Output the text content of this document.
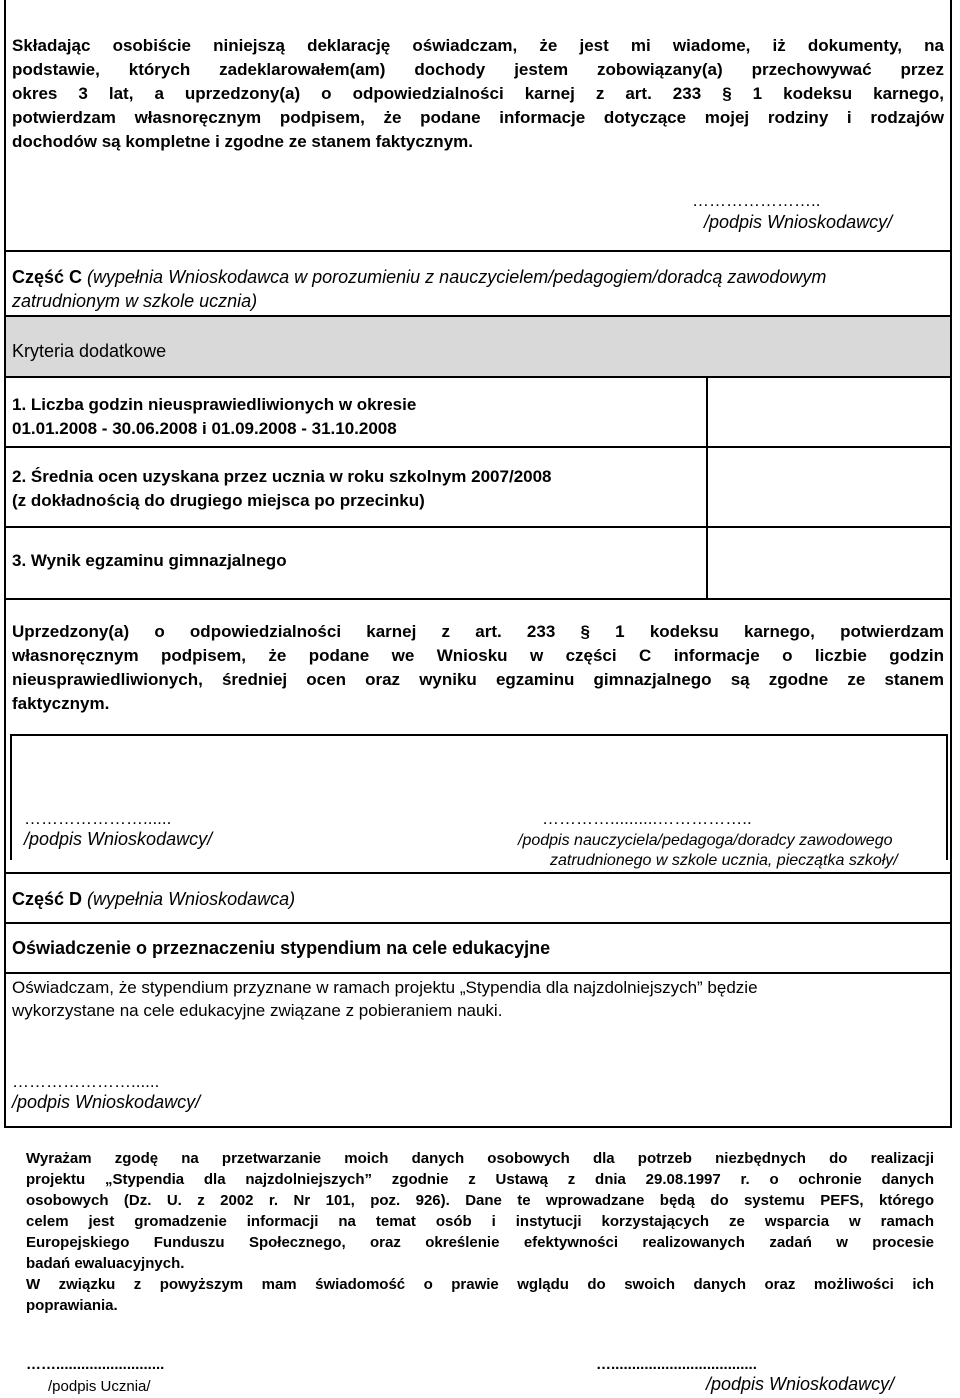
Składając osobiście niniejszą deklarację oświadczam, że jest mi wiadome, iż dokumenty, na
podstawie, których zadeklarowałem(am) dochody jestem zobowiązany(a) przechowywać przez
okres 3 lat, a uprzedzony(a) o odpowiedzialności karnej z art. 233 § 1 kodeksu karnego,
potwierdzam własnoręcznym podpisem, że podane informacje dotyczące mojej rodziny i rodzajów
dochodów są kompletne i zgodne ze stanem faktycznym.
…………………..
/podpis Wnioskodawcy/
Część C (wypełnia Wnioskodawca w porozumieniu z nauczycielem/pedagogiem/doradcą zawodowym
zatrudnionym w szkole ucznia)
Kryteria dodatkowe
1. Liczba godzin nieusprawiedliwionych w okresie
01.01.2008 - 30.06.2008 i 01.09.2008 - 31.10.2008
2. Średnia ocen uzyskana przez ucznia w roku szkolnym 2007/2008
(z dokładnością do drugiego miejsca po przecinku)
3. Wynik egzaminu gimnazjalnego
Uprzedzony(a) o odpowiedzialności karnej z art. 233 § 1 kodeksu karnego, potwierdzam
własnoręcznym podpisem, że podane we Wniosku w części C informacje o liczbie godzin
nieusprawiedliwionych, średniej ocen oraz wyniku egzaminu gimnazjalnego są zgodne ze stanem
faktycznym.
…………………......
/podpis Wnioskodawcy/
…………..........……………..
/podpis nauczyciela/pedagoga/doradcy zawodowego
zatrudnionego w szkole ucznia, pieczątka szkoły/
Część D (wypełnia Wnioskodawca)
Oświadczenie o przeznaczeniu stypendium na cele edukacyjne
Oświadczam, że stypendium przyznane w ramach projektu „Stypendia dla najzdolniejszych” będzie
wykorzystane na cele edukacyjne związane z pobieraniem nauki.
…………………......
/podpis Wnioskodawcy/
Wyrażam zgodę na przetwarzanie moich danych osobowych dla potrzeb niezbędnych do realizacji
projektu „Stypendia dla najzdolniejszych” zgodnie z Ustawą z dnia 29.08.1997 r. o ochronie danych
osobowych (Dz. U. z 2002 r. Nr 101, poz. 926). Dane te wprowadzane będą do systemu PEFS, którego
celem jest gromadzenie informacji na temat osób i instytucji korzystających ze wsparcia w ramach
Europejskiego Funduszu Społecznego, oraz określenie efektywności realizowanych zadań w procesie
badań ewaluacyjnych.
W związku z powyższym mam świadomość o prawie wglądu do swoich danych oraz możliwości ich
poprawiania.
……..........................
/podpis Ucznia/
…...................................
/podpis Wnioskodawcy/
